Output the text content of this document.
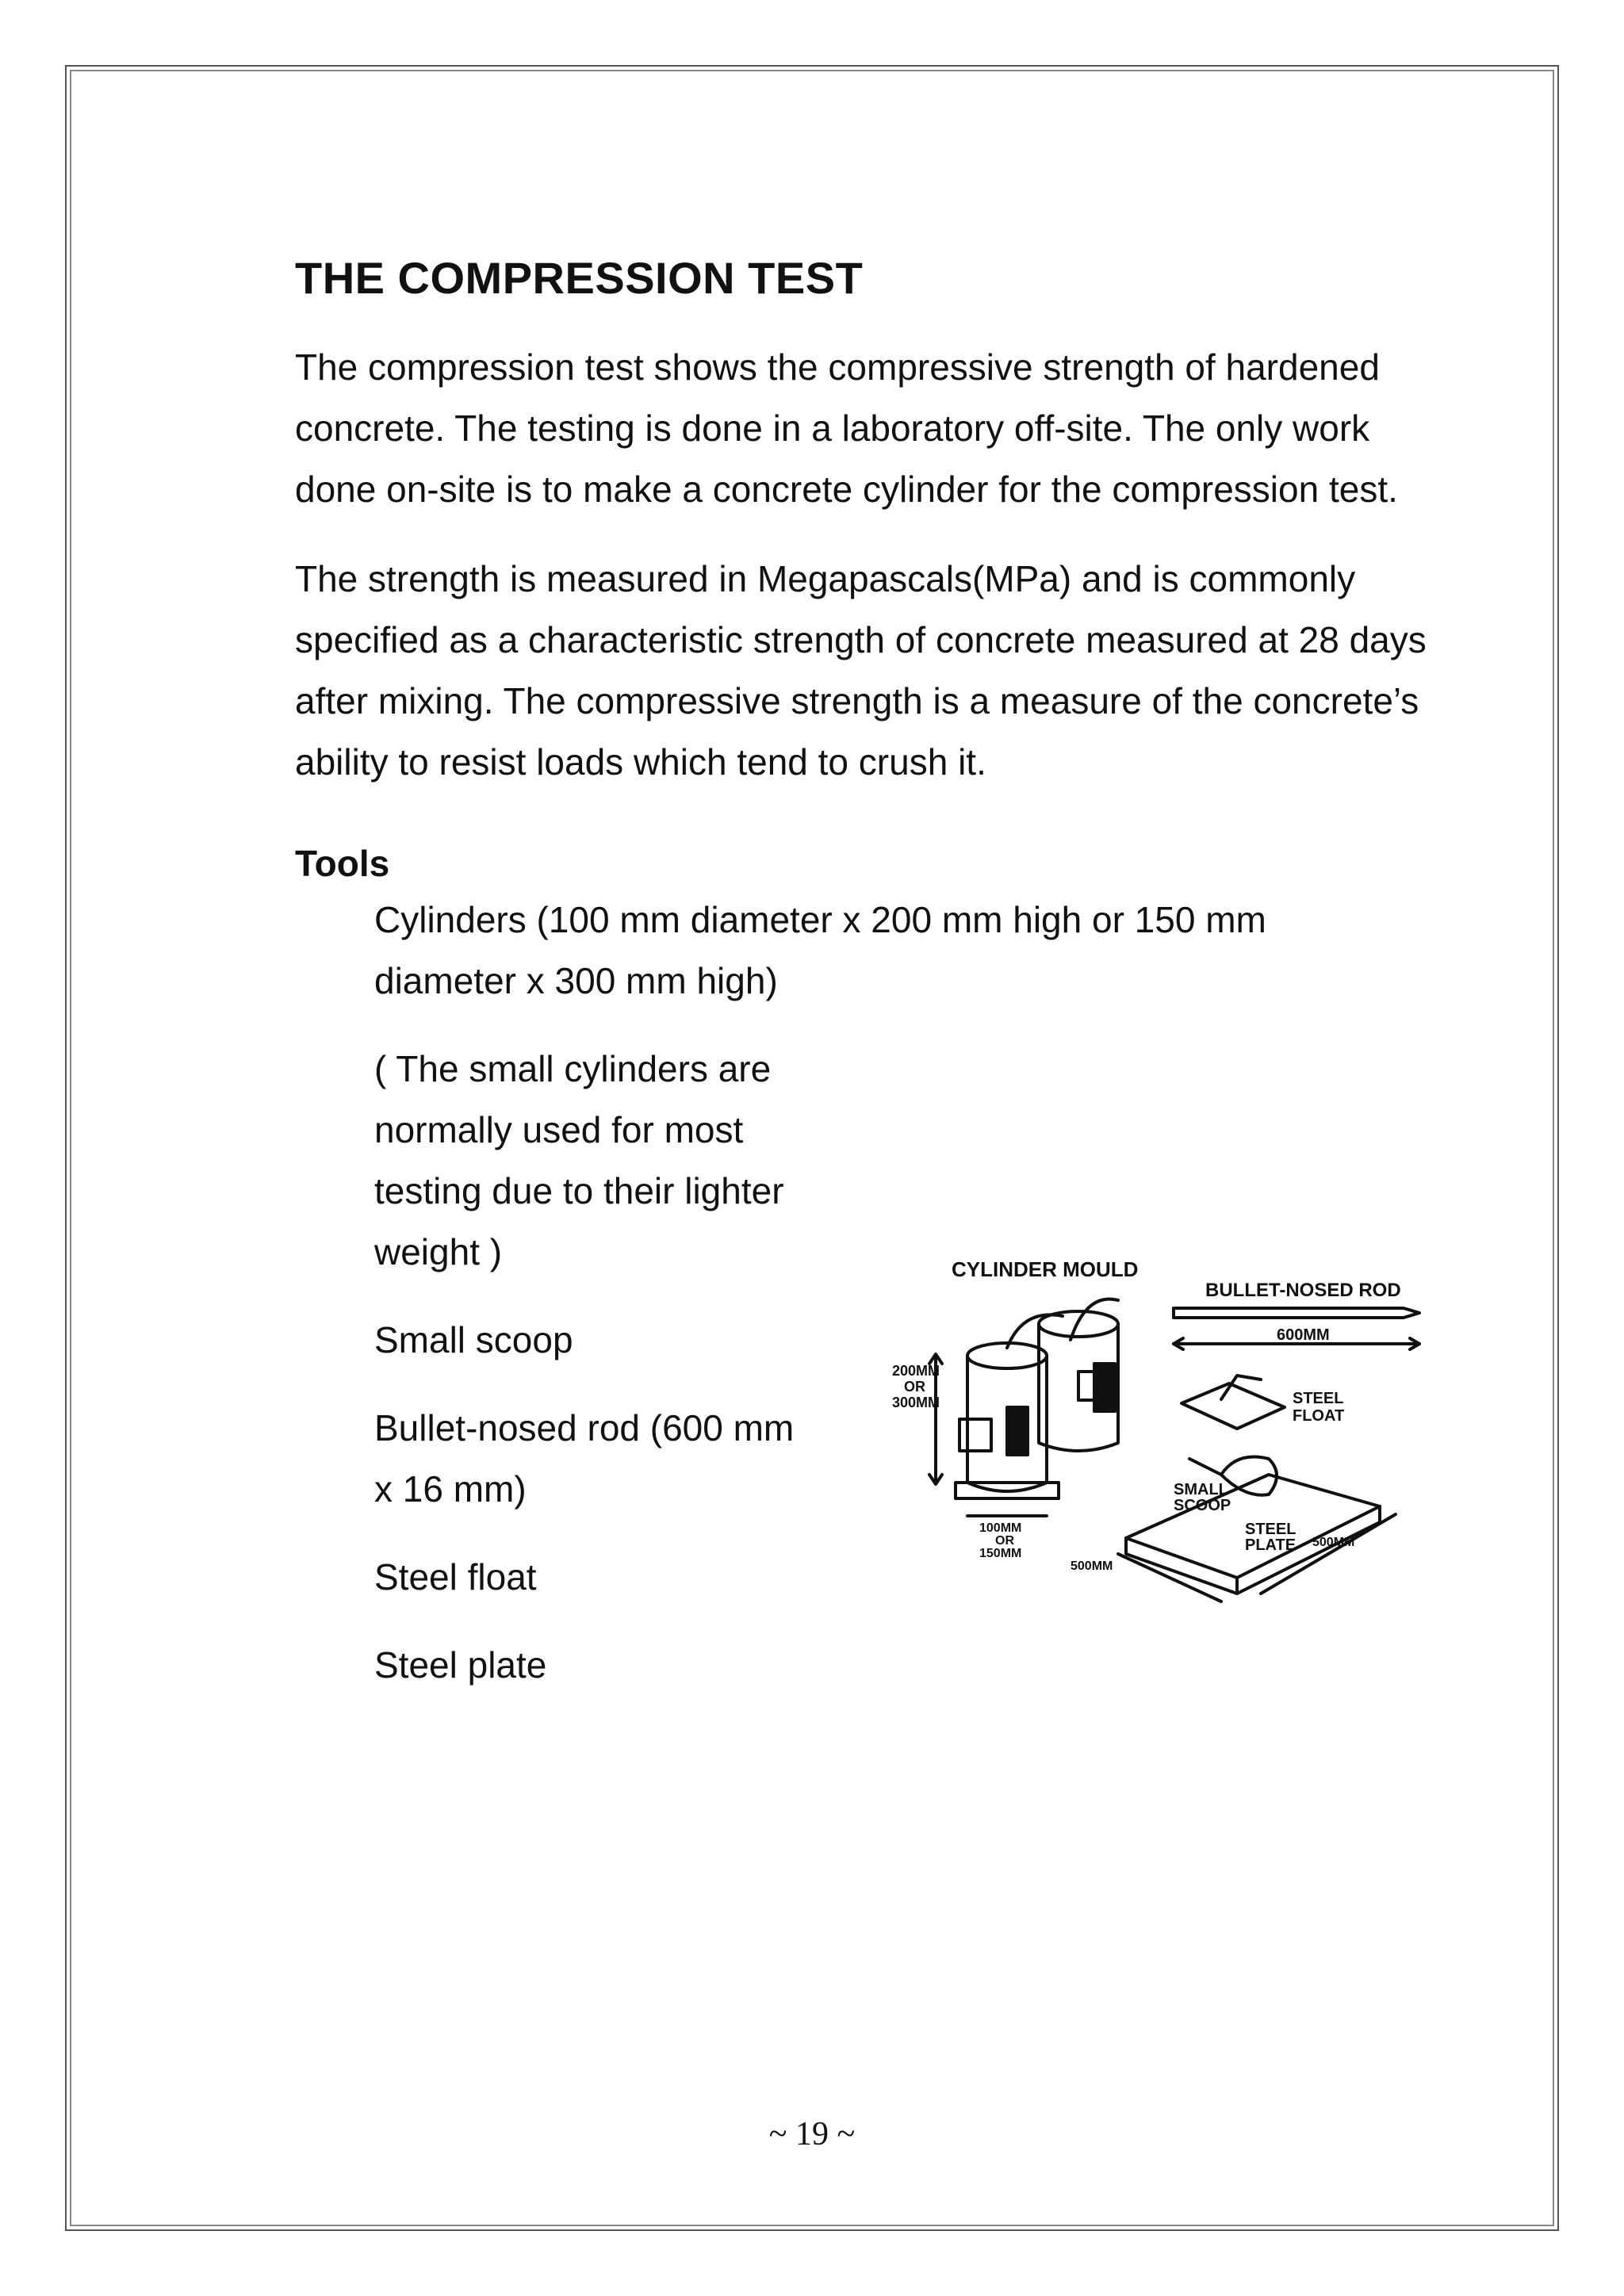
THE COMPRESSION TEST

The compression test shows the compressive strength of hardened concrete. The testing is done in a laboratory off-site. The only work done on-site is to make a concrete cylinder for the compression test.

The strength is measured in Megapascals(MPa) and is commonly specified as a characteristic strength of concrete measured at 28 days after mixing. The compressive strength is a measure of the concrete’s ability to resist loads which tend to crush it.

Tools
Cylinders (100 mm diameter x 200 mm high or 150 mm diameter x 300 mm high)
( The small cylinders are normally used for most testing due to their lighter weight )
Small scoop
Bullet-nosed rod (600 mm x 16 mm)
Steel float
Steel plate
CYLINDER MOULD
BULLET-NOSED ROD
600MM
200MM
OR
300MM	STEEL
FLOAT
SMALL
SCOOP
STEEL
PLATE 500MM
500MM
100MM
OR
150MM
~ 19 ~
